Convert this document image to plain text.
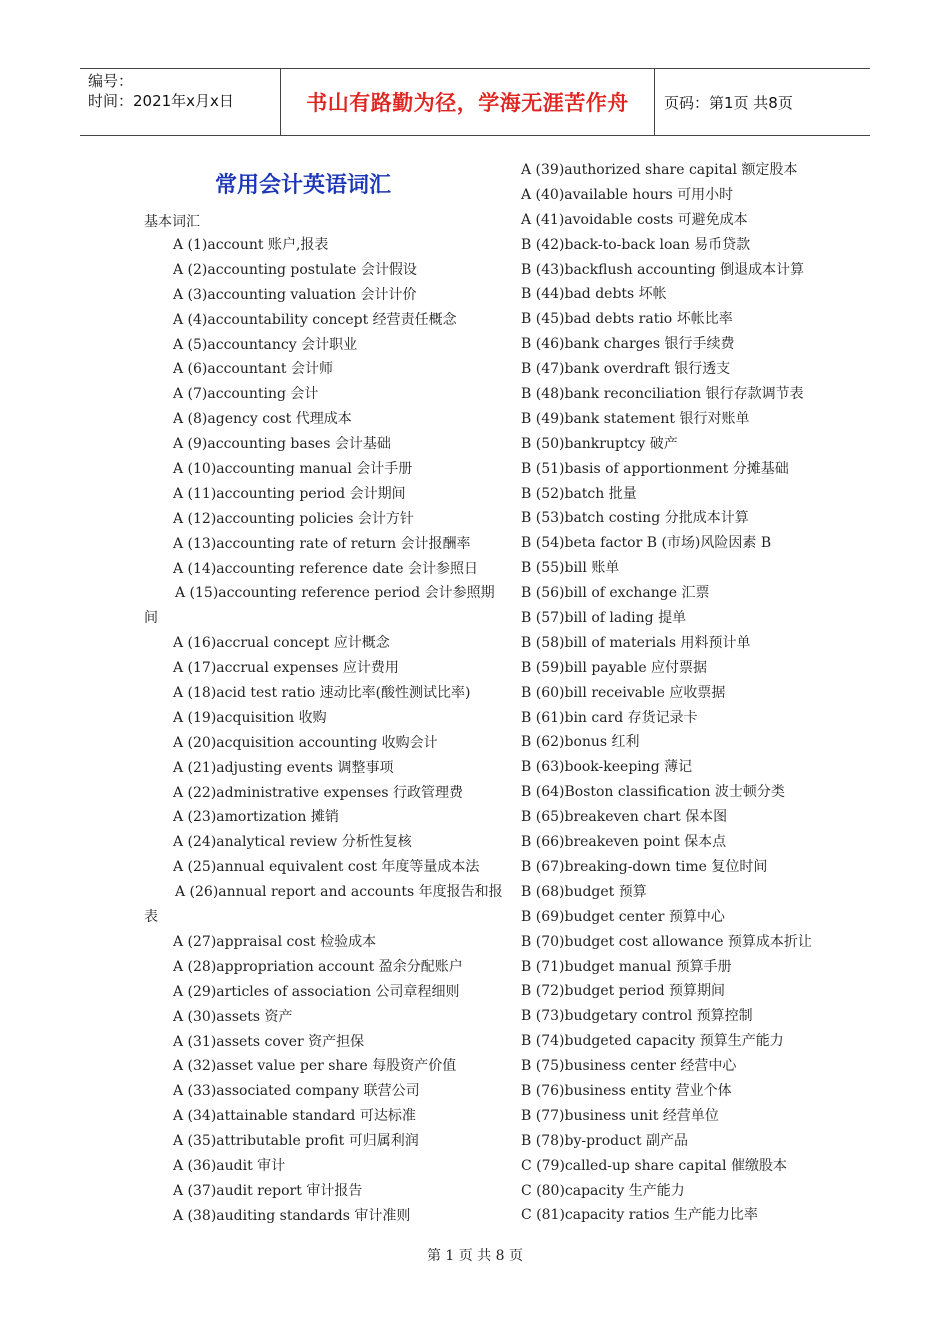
编号：
时间：2021年x月x日	书山有路勤为径，学海无涯苦作舟	页码：第1页 共8页
常用会计英语词汇
基本词汇
A (1)account 账户,报表
A (2)accounting postulate 会计假设
A (3)accounting valuation 会计计价
A (4)accountability concept 经营责任概念
A (5)accountancy 会计职业
A (6)accountant 会计师
A (7)accounting 会计
A (8)agency cost 代理成本
A (9)accounting bases 会计基础
A (10)accounting manual 会计手册
A (11)accounting period 会计期间
A (12)accounting policies 会计方针
A (13)accounting rate of return 会计报酬率
A (14)accounting reference date 会计参照日
A (15)accounting reference period 会计参照期
间
A (16)accrual concept 应计概念
A (17)accrual expenses 应计费用
A (18)acid test ratio 速动比率(酸性测试比率)
A (19)acquisition 收购
A (20)acquisition accounting 收购会计
A (21)adjusting events 调整事项
A (22)administrative expenses 行政管理费
A (23)amortization 摊销
A (24)analytical review 分析性复核
A (25)annual equivalent cost 年度等量成本法
A (26)annual report and accounts 年度报告和报
表
A (27)appraisal cost 检验成本
A (28)appropriation account 盈余分配账户
A (29)articles of association 公司章程细则
A (30)assets 资产
A (31)assets cover 资产担保
A (32)asset value per share 每股资产价值
A (33)associated company 联营公司
A (34)attainable standard 可达标准
A (35)attributable profit 可归属利润
A (36)audit 审计
A (37)audit report 审计报告
A (38)auditing standards 审计准则
A (39)authorized share capital 额定股本
A (40)available hours 可用小时
A (41)avoidable costs 可避免成本
B (42)back-to-back loan 易币贷款
B (43)backflush accounting 倒退成本计算
B (44)bad debts 坏帐
B (45)bad debts ratio 坏帐比率
B (46)bank charges 银行手续费
B (47)bank overdraft 银行透支
B (48)bank reconciliation 银行存款调节表
B (49)bank statement 银行对账单
B (50)bankruptcy 破产
B (51)basis of apportionment 分摊基础
B (52)batch 批量
B (53)batch costing 分批成本计算
B (54)beta factor B (市场)风险因素 B
B (55)bill 账单
B (56)bill of exchange 汇票
B (57)bill of lading 提单
B (58)bill of materials 用料预计单
B (59)bill payable 应付票据
B (60)bill receivable 应收票据
B (61)bin card 存货记录卡
B (62)bonus 红利
B (63)book-keeping 薄记
B (64)Boston classification 波士顿分类
B (65)breakeven chart 保本图
B (66)breakeven point 保本点
B (67)breaking-down time 复位时间
B (68)budget 预算
B (69)budget center 预算中心
B (70)budget cost allowance 预算成本折让
B (71)budget manual 预算手册
B (72)budget period 预算期间
B (73)budgetary control 预算控制
B (74)budgeted capacity 预算生产能力
B (75)business center 经营中心
B (76)business entity 营业个体
B (77)business unit 经营单位
B (78)by-product 副产品
C (79)called-up share capital 催缴股本
C (80)capacity 生产能力
C (81)capacity ratios 生产能力比率
第 1 页 共 8 页
